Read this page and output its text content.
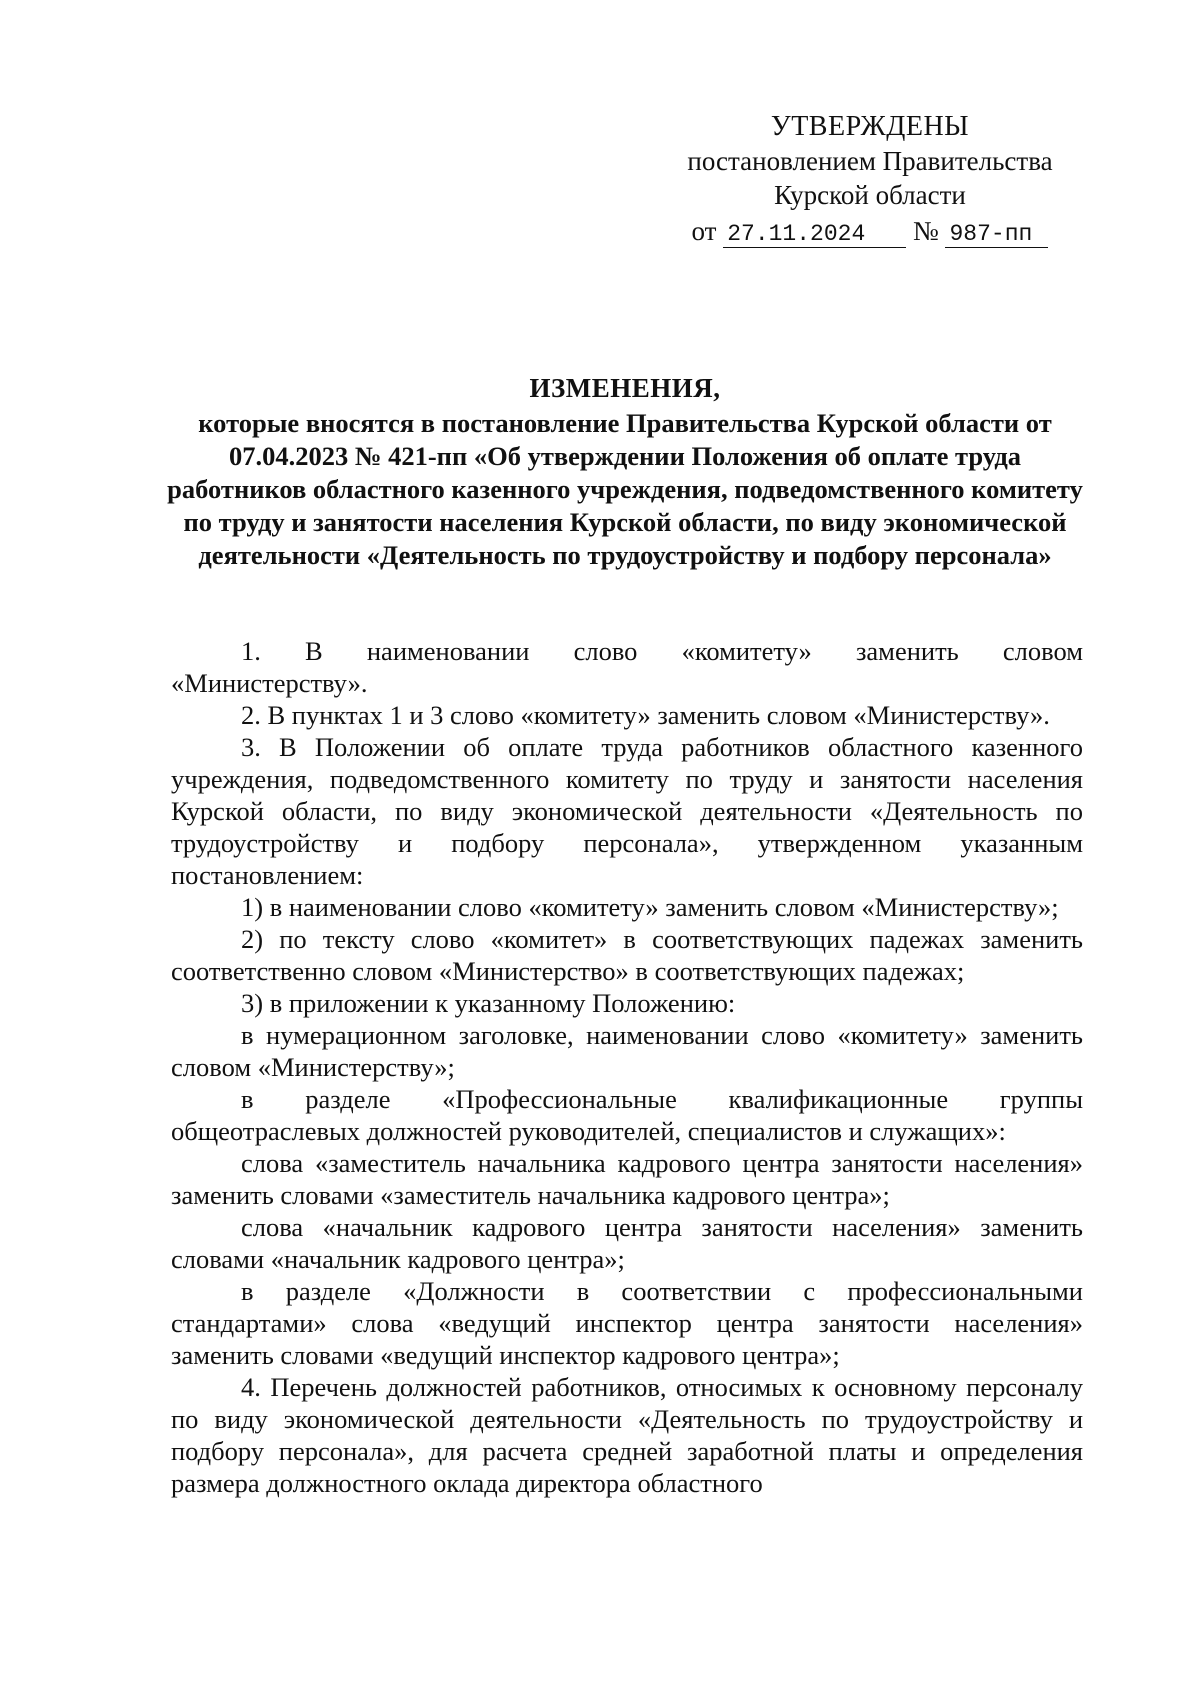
УТВЕРЖДЕНЫ
постановлением Правительства
Курской области
от 27.11.2024 № 987-пп
ИЗМЕНЕНИЯ,
которые вносятся в постановление Правительства Курской области от 07.04.2023 № 421-пп «Об утверждении Положения об оплате труда работников областного казенного учреждения, подведомственного комитету по труду и занятости населения Курской области, по виду экономической деятельности «Деятельность по трудоустройству и подбору персонала»

1. В наименовании слово «комитету» заменить словом «Министерству».

2. В пунктах 1 и 3 слово «комитету» заменить словом «Министерству».

3. В Положении об оплате труда работников областного казенного учреждения, подведомственного комитету по труду и занятости населения Курской области, по виду экономической деятельности «Деятельность по трудоустройству и подбору персонала», утвержденном указанным постановлением:

1) в наименовании слово «комитету» заменить словом «Министерству»;

2) по тексту слово «комитет» в соответствующих падежах заменить соответственно словом «Министерство» в соответствующих падежах;

3) в приложении к указанному Положению:

в нумерационном заголовке, наименовании слово «комитету» заменить словом «Министерству»;

в разделе «Профессиональные квалификационные группы общеотраслевых должностей руководителей, специалистов и служащих»:

слова «заместитель начальника кадрового центра занятости населения» заменить словами «заместитель начальника кадрового центра»;

слова «начальник кадрового центра занятости населения» заменить словами «начальник кадрового центра»;

в разделе «Должности в соответствии с профессиональными стандартами» слова «ведущий инспектор центра занятости населения» заменить словами «ведущий инспектор кадрового центра»;

4. Перечень должностей работников, относимых к основному персоналу по виду экономической деятельности «Деятельность по трудоустройству и подбору персонала», для расчета средней заработной платы и определения размера должностного оклада директора областного
